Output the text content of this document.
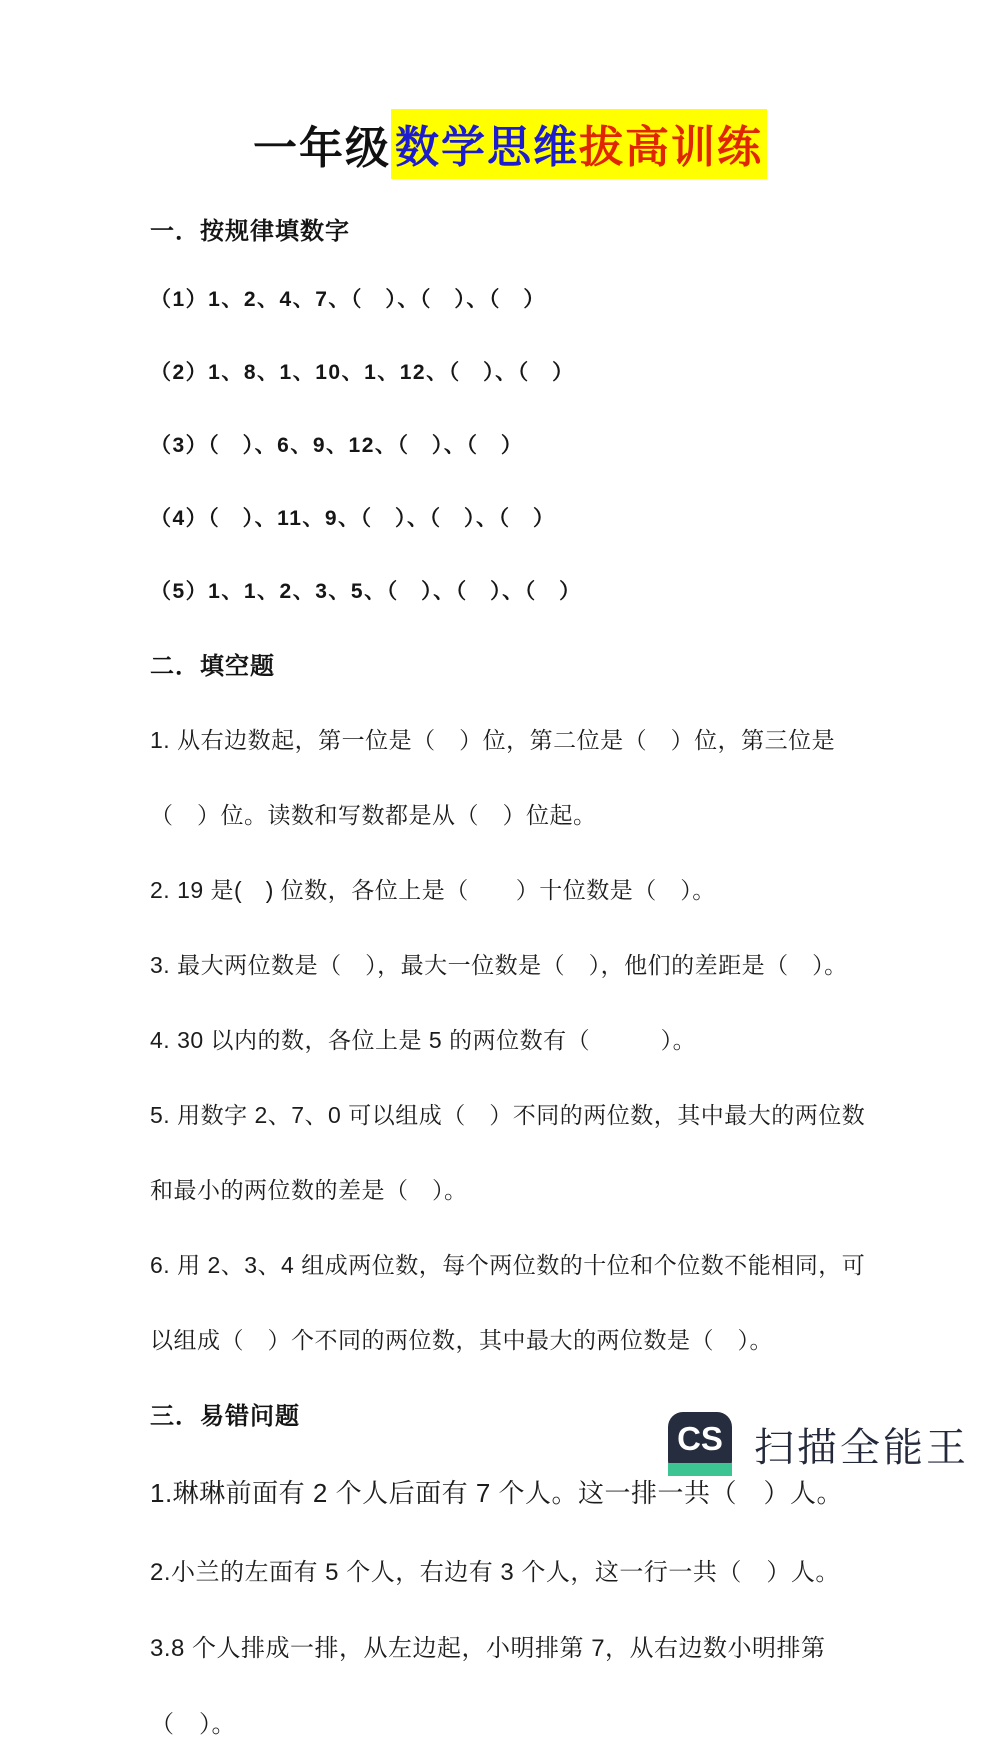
一年级 数学思维拔高训练
一．按规律填数字

（1）1、2、4、7、（　）、（　）、（　）

（2）1、8、1、10、1、12、（　）、（　）

（3）（　）、6、9、12、（　）、（　）

（4）（　）、11、9、（　）、（　）、（　）

（5）1、1、2、3、5、（　）、（　）、（　）

二．填空题

1. 从右边数起，第一位是（　）位，第二位是（　）位，第三位是

（　）位。读数和写数都是从（　）位起。

2. 19 是(　) 位数，各位上是（　　）十位数是（　）。

3. 最大两位数是（　），最大一位数是（　），他们的差距是（　）。

4. 30 以内的数，各位上是 5 的两位数有（　　　）。

5. 用数字 2、7、0 可以组成（　）不同的两位数，其中最大的两位数

和最小的两位数的差是（　）。

6. 用 2、3、4 组成两位数，每个两位数的十位和个位数不能相同，可

以组成（　）个不同的两位数，其中最大的两位数是（　）。

三．易错问题

1.琳琳前面有 2 个人后面有 7 个人。这一排一共（　）人。

2.小兰的左面有 5 个人，右边有 3 个人，这一行一共（　）人。

3.8 个人排成一排，从左边起，小明排第 7，从右边数小明排第

（　）。

CS 扫描全能王
